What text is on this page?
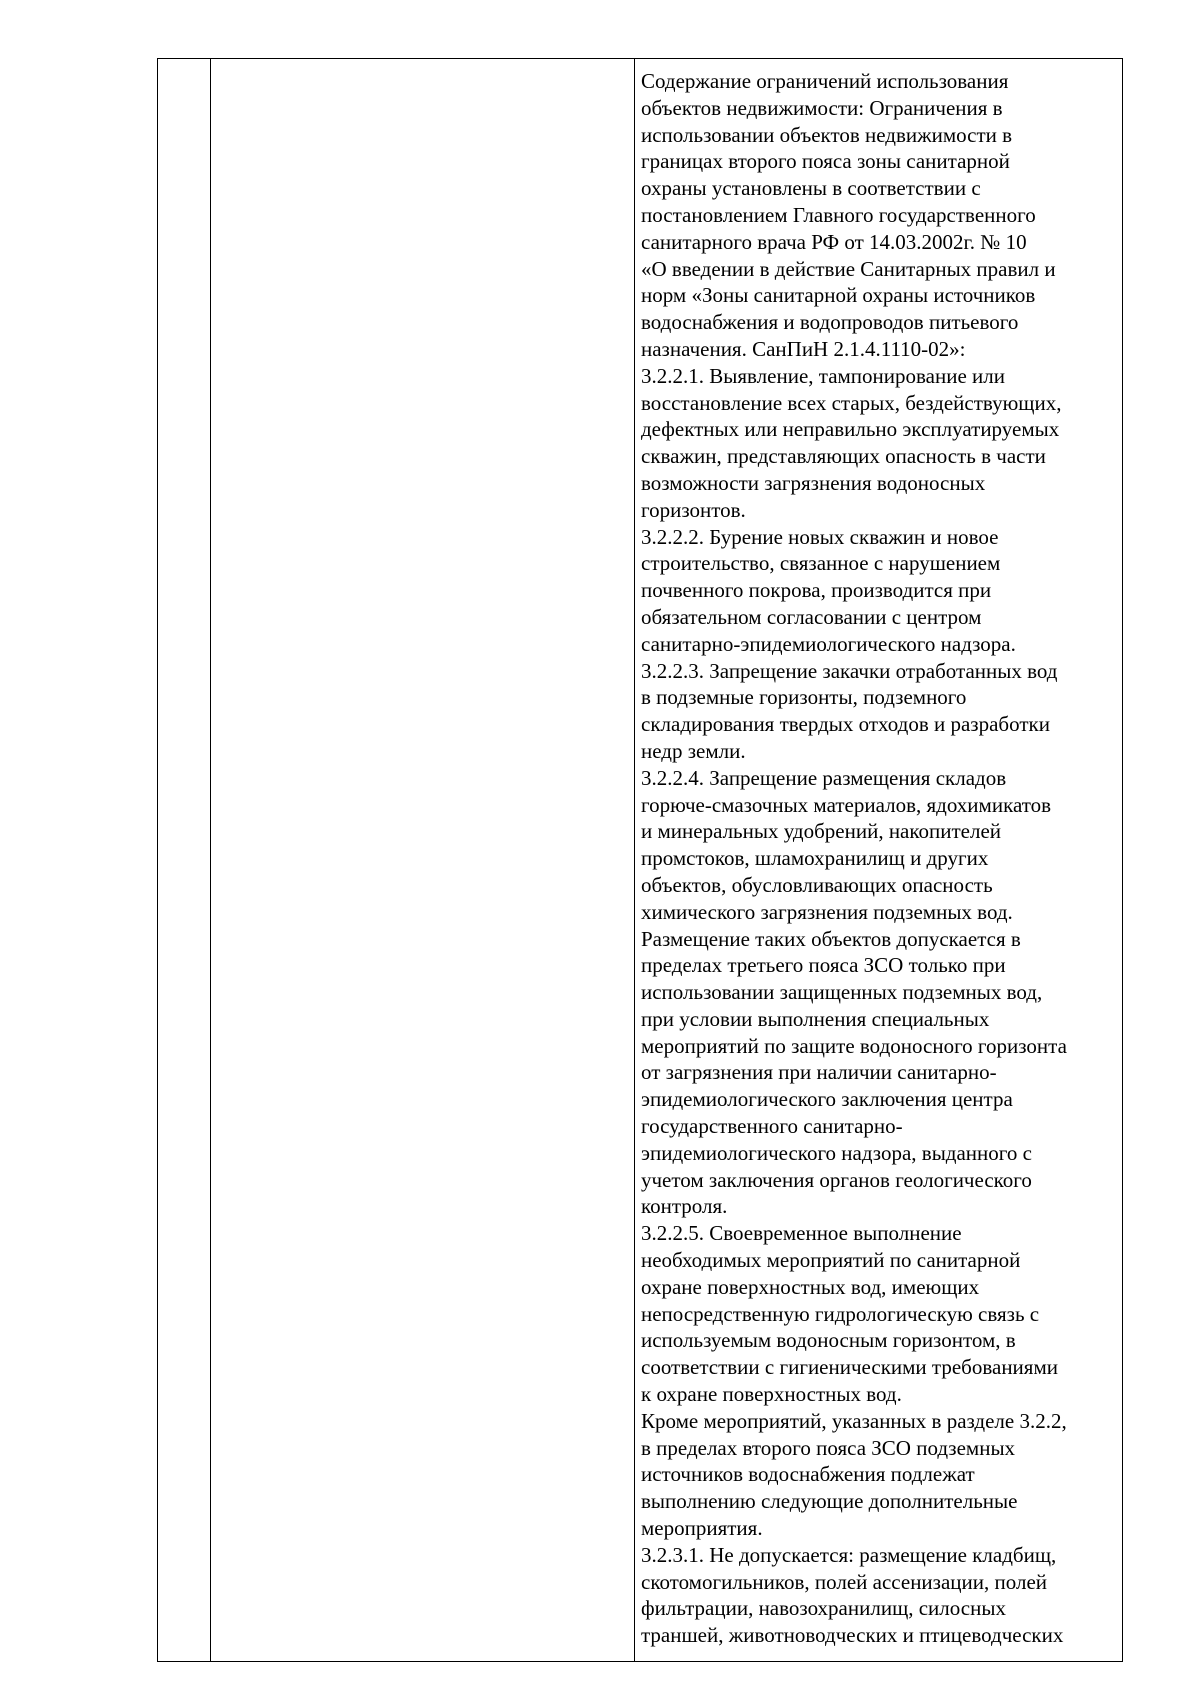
Содержание ограничений использования
объектов недвижимости: Ограничения в
использовании объектов недвижимости в
границах второго пояса зоны санитарной
охраны установлены в соответствии с
постановлением Главного государственного
санитарного врача РФ от 14.03.2002г. № 10
«О введении в действие Санитарных правил и
норм «Зоны санитарной охраны источников
водоснабжения и водопроводов питьевого
назначения. СанПиН 2.1.4.1110-02»:
3.2.2.1. Выявление, тампонирование или
восстановление всех старых, бездействующих,
дефектных или неправильно эксплуатируемых
скважин, представляющих опасность в части
возможности загрязнения водоносных
горизонтов.
3.2.2.2. Бурение новых скважин и новое
строительство, связанное с нарушением
почвенного покрова, производится при
обязательном согласовании с центром
санитарно-эпидемиологического надзора.
3.2.2.3. Запрещение закачки отработанных вод
в подземные горизонты, подземного
складирования твердых отходов и разработки
недр земли.
3.2.2.4. Запрещение размещения складов
горюче-смазочных материалов, ядохимикатов
и минеральных удобрений, накопителей
промстоков, шламохранилищ и других
объектов, обусловливающих опасность
химического загрязнения подземных вод.
Размещение таких объектов допускается в
пределах третьего пояса ЗСО только при
использовании защищенных подземных вод,
при условии выполнения специальных
мероприятий по защите водоносного горизонта
от загрязнения при наличии санитарно-
эпидемиологического заключения центра
государственного санитарно-
эпидемиологического надзора, выданного с
учетом заключения органов геологического
контроля.
3.2.2.5. Своевременное выполнение
необходимых мероприятий по санитарной
охране поверхностных вод, имеющих
непосредственную гидрологическую связь с
используемым водоносным горизонтом, в
соответствии с гигиеническими требованиями
к охране поверхностных вод.
Кроме мероприятий, указанных в разделе 3.2.2,
в пределах второго пояса ЗСО подземных
источников водоснабжения подлежат
выполнению следующие дополнительные
мероприятия.
3.2.3.1. Не допускается: размещение кладбищ,
скотомогильников, полей ассенизации, полей
фильтрации, навозохранилищ, силосных
траншей, животноводческих и птицеводческих
